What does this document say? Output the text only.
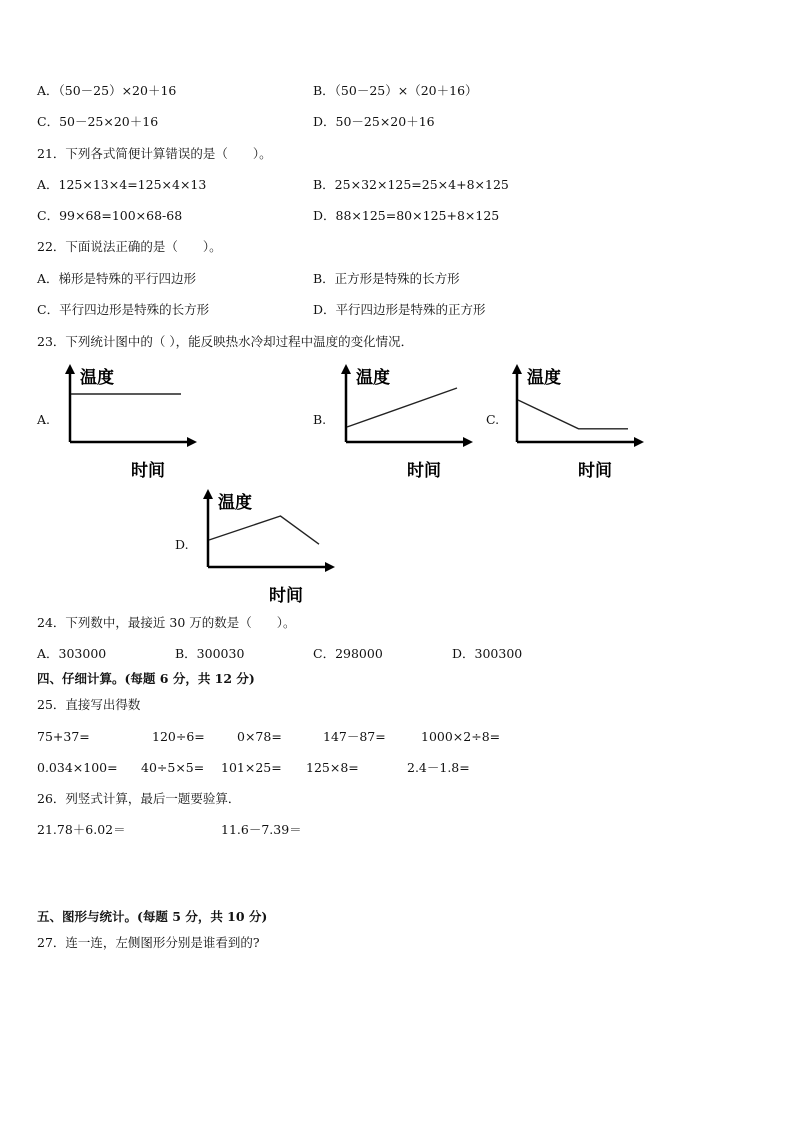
A．（50－25）×20＋16	B．（50－25）×（20＋16）
C．50－25×20＋16	D．50－25×20＋16
21．下列各式简便计算错误的是（　　）。
A．125×13×4=125×4×13	B．25×32×125=25×4+8×125
C．99×68=100×68-68	D．88×125=80×125+8×125
22．下面说法正确的是（　　）。
A．梯形是特殊的平行四边形	B．正方形是特殊的长方形
C．平行四边形是特殊的长方形	D．平行四边形是特殊的正方形
23．下列统计图中的（ ），能反映热水冷却过程中温度的变化情况．
A.
温度
时间
B.
温度
时间
C.
温度
时间
D.
温度
时间
24．下列数中，最接近 30 万的数是（　　）。
A．303000	B．300030	C．298000	D．300300
四、仔细计算。(每题 6 分，共 12 分)
25．直接写出得数
75+37=	120÷6=	0×78=	147－87=	1000×2÷8=
0.034×100= 40÷5×5= 101×25= 125×8=	2.4－1.8=
26．列竖式计算，最后一题要验算．
21.78＋6.02＝	11.6－7.39＝
五、图形与统计。(每题 5 分，共 10 分)
27．连一连，左侧图形分别是谁看到的?
